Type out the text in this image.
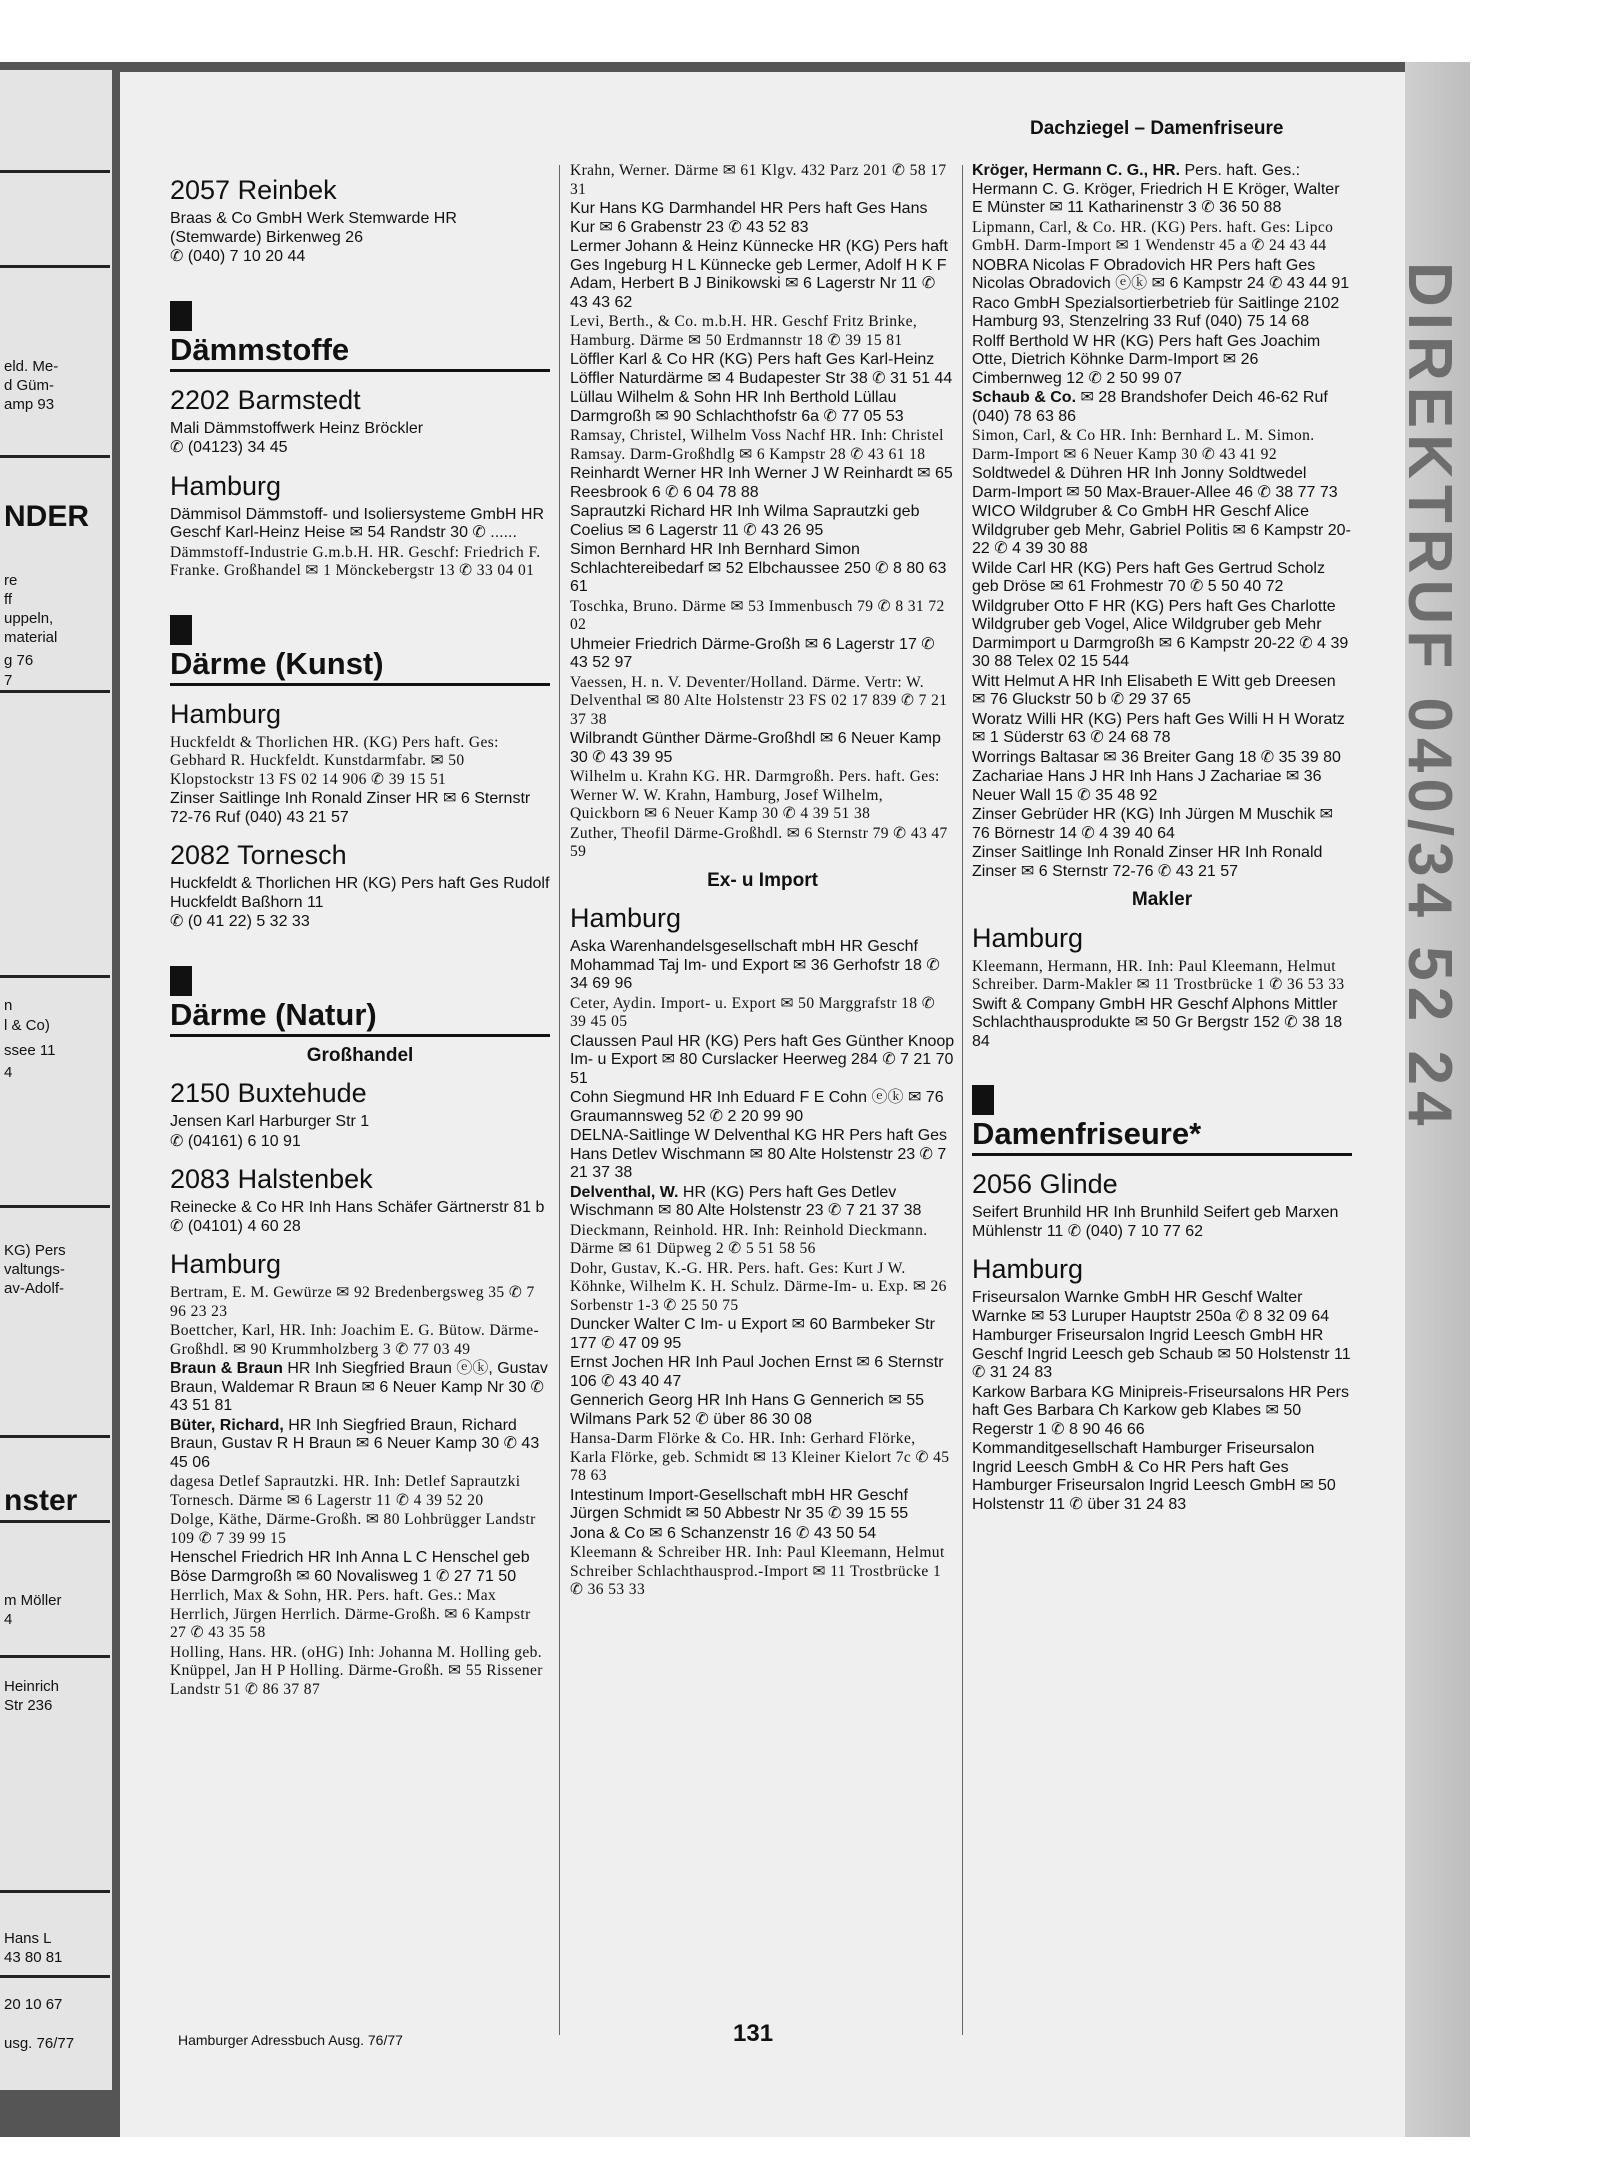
eld. Me-
d Güm-
amp 93
NDER
re
ff
uppeln,
material
g 76
7
n
l & Co)
ssee 11
4
KG) Pers
valtungs-
av-Adolf-
nster
m Möller
4
Heinrich
Str 236
Hans L
43 80 81
20 10 67
usg. 76/77
DIREKTRUF 040/34 52 24
Dachziegel – Damenfriseure
2057 Reinbek
Braas & Co GmbH Werk Stemwarde HR (Stemwarde) Birkenweg 26
✆ (040) 7 10 20 44
Dämmstoffe
2202 Barmstedt
Mali Dämmstoffwerk Heinz Bröckler
✆ (04123) 34 45
Hamburg
Dämmisol Dämmstoff- und Isoliersysteme GmbH HR Geschf Karl-Heinz Heise ✉ 54 Randstr 30 ✆ ......
Dämmstoff-Industrie G.m.b.H. HR. Geschf: Friedrich F. Franke. Großhandel ✉ 1 Mönckebergstr 13 ✆ 33 04 01
Därme (Kunst)
Hamburg
Huckfeldt & Thorlichen HR. (KG) Pers haft. Ges: Gebhard R. Huckfeldt. Kunstdarmfabr. ✉ 50 Klopstockstr 13 FS 02 14 906 ✆ 39 15 51
Zinser Saitlinge Inh Ronald Zinser HR ✉ 6 Sternstr 72-76 Ruf (040) 43 21 57
2082 Tornesch
Huckfeldt & Thorlichen HR (KG) Pers haft Ges Rudolf Huckfeldt Baßhorn 11
✆ (0 41 22) 5 32 33
Därme (Natur)
Großhandel
2150 Buxtehude
Jensen Karl Harburger Str 1
✆ (04161) 6 10 91
2083 Halstenbek
Reinecke & Co HR Inh Hans Schäfer Gärtnerstr 81 b ✆ (04101) 4 60 28
Hamburg
Bertram, E. M. Gewürze ✉ 92 Bredenbergsweg 35 ✆ 7 96 23 23
Boettcher, Karl, HR. Inh: Joachim E. G. Bütow. Därme-Großhdl. ✉ 90 Krummholzberg 3 ✆ 77 03 49
Braun & Braun HR Inh Siegfried Braun ⓔⓚ, Gustav Braun, Waldemar R Braun ✉ 6 Neuer Kamp Nr 30 ✆ 43 51 81
Büter, Richard, HR Inh Siegfried Braun, Richard Braun, Gustav R H Braun ✉ 6 Neuer Kamp 30 ✆ 43 45 06
dagesa Detlef Saprautzki. HR. Inh: Detlef Saprautzki Tornesch. Därme ✉ 6 Lagerstr 11 ✆ 4 39 52 20
Dolge, Käthe, Därme-Großh. ✉ 80 Lohbrügger Landstr 109 ✆ 7 39 99 15
Henschel Friedrich HR Inh Anna L C Henschel geb Böse Darmgroßh ✉ 60 Novalisweg 1 ✆ 27 71 50
Herrlich, Max & Sohn, HR. Pers. haft. Ges.: Max Herrlich, Jürgen Herrlich. Därme-Großh. ✉ 6 Kampstr 27 ✆ 43 35 58
Holling, Hans. HR. (oHG) Inh: Johanna M. Holling geb. Knüppel, Jan H P Holling. Därme-Großh. ✉ 55 Rissener Landstr 51 ✆ 86 37 87
Krahn, Werner. Därme ✉ 61 Klgv. 432 Parz 201 ✆ 58 17 31
Kur Hans KG Darmhandel HR Pers haft Ges Hans Kur ✉ 6 Grabenstr 23 ✆ 43 52 83
Lermer Johann & Heinz Künnecke HR (KG) Pers haft Ges Ingeburg H L Künnecke geb Lermer, Adolf H K F Adam, Herbert B J Binikowski ✉ 6 Lagerstr Nr 11 ✆ 43 43 62
Levi, Berth., & Co. m.b.H. HR. Geschf Fritz Brinke, Hamburg. Därme ✉ 50 Erdmannstr 18 ✆ 39 15 81
Löffler Karl & Co HR (KG) Pers haft Ges Karl-Heinz Löffler Naturdärme ✉ 4 Budapester Str 38 ✆ 31 51 44
Lüllau Wilhelm & Sohn HR Inh Berthold Lüllau Darmgroßh ✉ 90 Schlachthofstr 6a ✆ 77 05 53
Ramsay, Christel, Wilhelm Voss Nachf HR. Inh: Christel Ramsay. Darm-Großhdlg ✉ 6 Kampstr 28 ✆ 43 61 18
Reinhardt Werner HR Inh Werner J W Reinhardt ✉ 65 Reesbrook 6 ✆ 6 04 78 88
Saprautzki Richard HR Inh Wilma Saprautzki geb Coelius ✉ 6 Lagerstr 11 ✆ 43 26 95
Simon Bernhard HR Inh Bernhard Simon Schlachtereibedarf ✉ 52 Elbchaussee 250 ✆ 8 80 63 61
Toschka, Bruno. Därme ✉ 53 Immenbusch 79 ✆ 8 31 72 02
Uhmeier Friedrich Därme-Großh ✉ 6 Lagerstr 17 ✆ 43 52 97
Vaessen, H. n. V. Deventer/Holland. Därme. Vertr: W. Delventhal ✉ 80 Alte Holstenstr 23 FS 02 17 839 ✆ 7 21 37 38
Wilbrandt Günther Därme-Großhdl ✉ 6 Neuer Kamp 30 ✆ 43 39 95
Wilhelm u. Krahn KG. HR. Darmgroßh. Pers. haft. Ges: Werner W. W. Krahn, Hamburg, Josef Wilhelm, Quickborn ✉ 6 Neuer Kamp 30 ✆ 4 39 51 38
Zuther, Theofil Därme-Großhdl. ✉ 6 Sternstr 79 ✆ 43 47 59
Ex- u Import
Hamburg
Aska Warenhandelsgesellschaft mbH HR Geschf Mohammad Taj Im- und Export ✉ 36 Gerhofstr 18 ✆ 34 69 96
Ceter, Aydin. Import- u. Export ✉ 50 Marggrafstr 18 ✆ 39 45 05
Claussen Paul HR (KG) Pers haft Ges Günther Knoop Im- u Export ✉ 80 Curslacker Heerweg 284 ✆ 7 21 70 51
Cohn Siegmund HR Inh Eduard F E Cohn ⓔⓚ ✉ 76 Graumannsweg 52 ✆ 2 20 99 90
DELNA-Saitlinge W Delventhal KG HR Pers haft Ges Hans Detlev Wischmann ✉ 80 Alte Holstenstr 23 ✆ 7 21 37 38
Delventhal, W. HR (KG) Pers haft Ges Detlev Wischmann ✉ 80 Alte Holstenstr 23 ✆ 7 21 37 38
Dieckmann, Reinhold. HR. Inh: Reinhold Dieckmann. Därme ✉ 61 Düpweg 2 ✆ 5 51 58 56
Dohr, Gustav, K.-G. HR. Pers. haft. Ges: Kurt J W. Köhnke, Wilhelm K. H. Schulz. Därme-Im- u. Exp. ✉ 26 Sorbenstr 1-3 ✆ 25 50 75
Duncker Walter C Im- u Export ✉ 60 Barmbeker Str 177 ✆ 47 09 95
Ernst Jochen HR Inh Paul Jochen Ernst ✉ 6 Sternstr 106 ✆ 43 40 47
Gennerich Georg HR Inh Hans G Gennerich ✉ 55 Wilmans Park 52 ✆ über 86 30 08
Hansa-Darm Flörke & Co. HR. Inh: Gerhard Flörke, Karla Flörke, geb. Schmidt ✉ 13 Kleiner Kielort 7c ✆ 45 78 63
Intestinum Import-Gesellschaft mbH HR Geschf Jürgen Schmidt ✉ 50 Abbestr Nr 35 ✆ 39 15 55
Jona & Co ✉ 6 Schanzenstr 16 ✆ 43 50 54
Kleemann & Schreiber HR. Inh: Paul Kleemann, Helmut Schreiber Schlachthausprod.-Import ✉ 11 Trostbrücke 1 ✆ 36 53 33
Kröger, Hermann C. G., HR. Pers. haft. Ges.: Hermann C. G. Kröger, Friedrich H E Kröger, Walter E Münster ✉ 11 Katharinenstr 3 ✆ 36 50 88
Lipmann, Carl, & Co. HR. (KG) Pers. haft. Ges: Lipco GmbH. Darm-Import ✉ 1 Wendenstr 45 a ✆ 24 43 44
NOBRA Nicolas F Obradovich HR Pers haft Ges Nicolas Obradovich ⓔⓚ ✉ 6 Kampstr 24 ✆ 43 44 91
Raco GmbH Spezialsortierbetrieb für Saitlinge 2102 Hamburg 93, Stenzelring 33 Ruf (040) 75 14 68
Rolff Berthold W HR (KG) Pers haft Ges Joachim Otte, Dietrich Köhnke Darm-Import ✉ 26 Cimbernweg 12 ✆ 2 50 99 07
Schaub & Co. ✉ 28 Brandshofer Deich 46-62 Ruf (040) 78 63 86
Simon, Carl, & Co HR. Inh: Bernhard L. M. Simon. Darm-Import ✉ 6 Neuer Kamp 30 ✆ 43 41 92
Soldtwedel & Dühren HR Inh Jonny Soldtwedel Darm-Import ✉ 50 Max-Brauer-Allee 46 ✆ 38 77 73
WICO Wildgruber & Co GmbH HR Geschf Alice Wildgruber geb Mehr, Gabriel Politis ✉ 6 Kampstr 20-22 ✆ 4 39 30 88
Wilde Carl HR (KG) Pers haft Ges Gertrud Scholz geb Dröse ✉ 61 Frohmestr 70 ✆ 5 50 40 72
Wildgruber Otto F HR (KG) Pers haft Ges Charlotte Wildgruber geb Vogel, Alice Wildgruber geb Mehr Darmimport u Darmgroßh ✉ 6 Kampstr 20-22 ✆ 4 39 30 88 Telex 02 15 544
Witt Helmut A HR Inh Elisabeth E Witt geb Dreesen ✉ 76 Gluckstr 50 b ✆ 29 37 65
Woratz Willi HR (KG) Pers haft Ges Willi H H Woratz ✉ 1 Süderstr 63 ✆ 24 68 78
Worrings Baltasar ✉ 36 Breiter Gang 18 ✆ 35 39 80
Zachariae Hans J HR Inh Hans J Zachariae ✉ 36 Neuer Wall 15 ✆ 35 48 92
Zinser Gebrüder HR (KG) Inh Jürgen M Muschik ✉ 76 Börnestr 14 ✆ 4 39 40 64
Zinser Saitlinge Inh Ronald Zinser HR Inh Ronald Zinser ✉ 6 Sternstr 72-76 ✆ 43 21 57
Makler
Hamburg
Kleemann, Hermann, HR. Inh: Paul Kleemann, Helmut Schreiber. Darm-Makler ✉ 11 Trostbrücke 1 ✆ 36 53 33
Swift & Company GmbH HR Geschf Alphons Mittler Schlachthausprodukte ✉ 50 Gr Bergstr 152 ✆ 38 18 84
Damenfriseure*
2056 Glinde
Seifert Brunhild HR Inh Brunhild Seifert geb Marxen Mühlenstr 11 ✆ (040) 7 10 77 62
Hamburg
Friseursalon Warnke GmbH HR Geschf Walter Warnke ✉ 53 Luruper Hauptstr 250a ✆ 8 32 09 64
Hamburger Friseursalon Ingrid Leesch GmbH HR Geschf Ingrid Leesch geb Schaub ✉ 50 Holstenstr 11 ✆ 31 24 83
Karkow Barbara KG Minipreis-Friseursalons HR Pers haft Ges Barbara Ch Karkow geb Klabes ✉ 50 Regerstr 1 ✆ 8 90 46 66
Kommanditgesellschaft Hamburger Friseursalon Ingrid Leesch GmbH & Co HR Pers haft Ges Hamburger Friseursalon Ingrid Leesch GmbH ✉ 50 Holstenstr 11 ✆ über 31 24 83
Hamburger Adressbuch Ausg. 76/77	131
